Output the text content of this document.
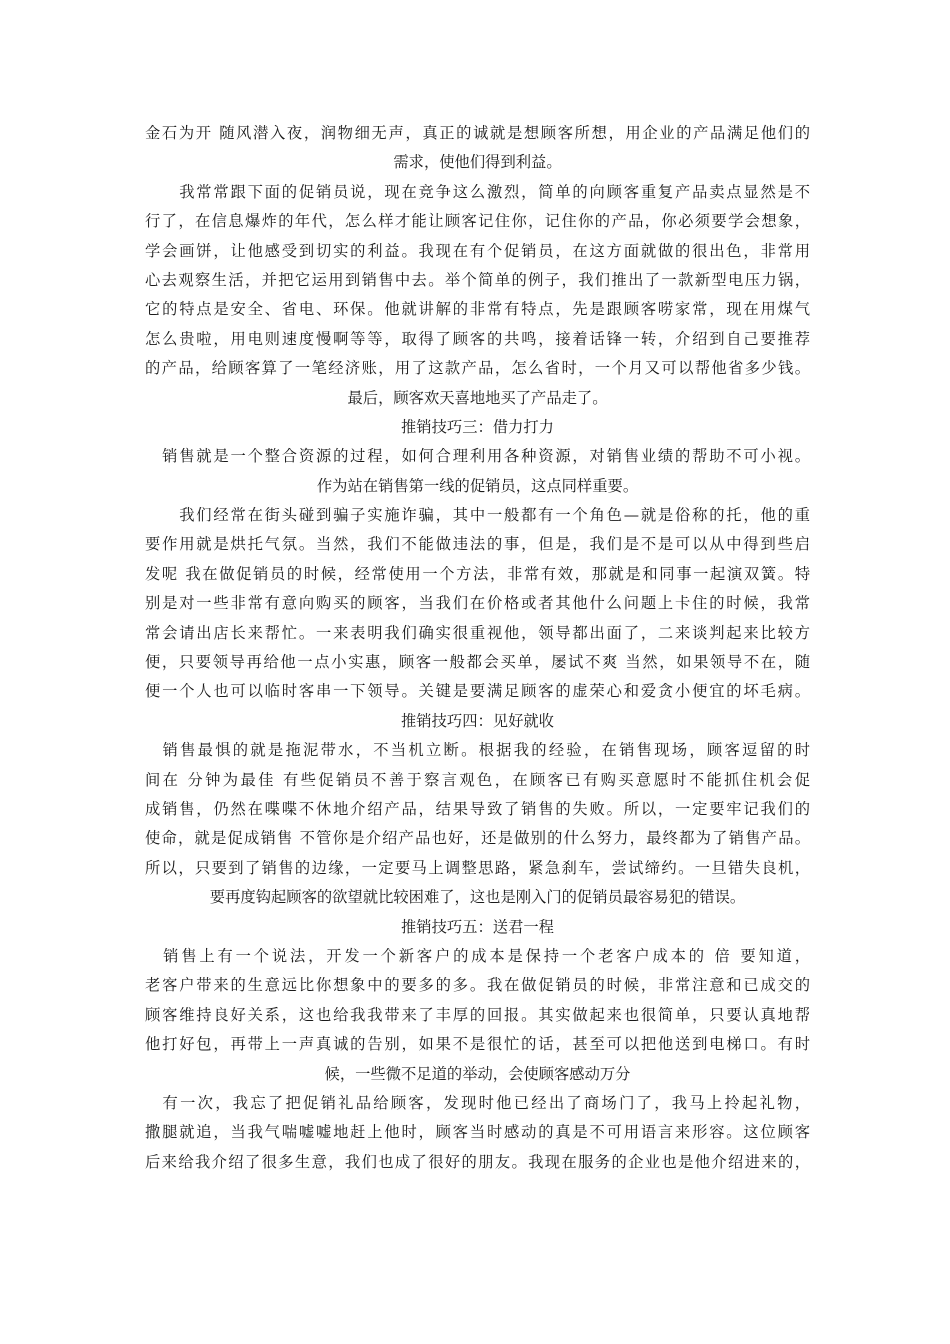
金石为开 随风潜入夜，润物细无声，真正的诚就是想顾客所想，用企业的产品满足他们的
需求，使他们得到利益。
　　我常常跟下面的促销员说，现在竞争这么激烈，简单的向顾客重复产品卖点显然是不
行了，在信息爆炸的年代，怎么样才能让顾客记住你，记住你的产品，你必须要学会想象，
学会画饼，让他感受到切实的利益。我现在有个促销员，在这方面就做的很出色，非常用
心去观察生活，并把它运用到销售中去。举个简单的例子，我们推出了一款新型电压力锅，
它的特点是安全、省电、环保。他就讲解的非常有特点，先是跟顾客唠家常，现在用煤气
怎么贵啦，用电则速度慢啊等等，取得了顾客的共鸣，接着话锋一转，介绍到自己要推荐
的产品，给顾客算了一笔经济账，用了这款产品，怎么省时，一个月又可以帮他省多少钱。
最后，顾客欢天喜地地买了产品走了。
推销技巧三：借力打力
　销售就是一个整合资源的过程，如何合理利用各种资源，对销售业绩的帮助不可小视。
作为站在销售第一线的促销员，这点同样重要。
　　我们经常在街头碰到骗子实施诈骗，其中一般都有一个角色—就是俗称的托，他的重
要作用就是烘托气氛。当然，我们不能做违法的事，但是，我们是不是可以从中得到些启
发呢 我在做促销员的时候，经常使用一个方法，非常有效，那就是和同事一起演双簧。特
别是对一些非常有意向购买的顾客，当我们在价格或者其他什么问题上卡住的时候，我常
常会请出店长来帮忙。一来表明我们确实很重视他，领导都出面了，二来谈判起来比较方
便，只要领导再给他一点小实惠，顾客一般都会买单，屡试不爽 当然，如果领导不在，随
便一个人也可以临时客串一下领导。关键是要满足顾客的虚荣心和爱贪小便宜的坏毛病。
推销技巧四：见好就收
　销售最惧的就是拖泥带水，不当机立断。根据我的经验，在销售现场，顾客逗留的时
间在 分钟为最佳 有些促销员不善于察言观色，在顾客已有购买意愿时不能抓住机会促
成销售，仍然在喋喋不休地介绍产品，结果导致了销售的失败。所以，一定要牢记我们的
使命，就是促成销售 不管你是介绍产品也好，还是做别的什么努力，最终都为了销售产品。
所以，只要到了销售的边缘，一定要马上调整思路，紧急刹车，尝试缔约。一旦错失良机，
要再度钩起顾客的欲望就比较困难了，这也是刚入门的促销员最容易犯的错误。
推销技巧五：送君一程
　销售上有一个说法，开发一个新客户的成本是保持一个老客户成本的 倍 要知道，
老客户带来的生意远比你想象中的要多的多。我在做促销员的时候，非常注意和已成交的
顾客维持良好关系，这也给我我带来了丰厚的回报。其实做起来也很简单，只要认真地帮
他打好包，再带上一声真诚的告别，如果不是很忙的话，甚至可以把他送到电梯口。有时
候，一些微不足道的举动，会使顾客感动万分
　有一次，我忘了把促销礼品给顾客，发现时他已经出了商场门了，我马上拎起礼物，
撒腿就追，当我气喘嘘嘘地赶上他时，顾客当时感动的真是不可用语言来形容。这位顾客
后来给我介绍了很多生意，我们也成了很好的朋友。我现在服务的企业也是他介绍进来的，
